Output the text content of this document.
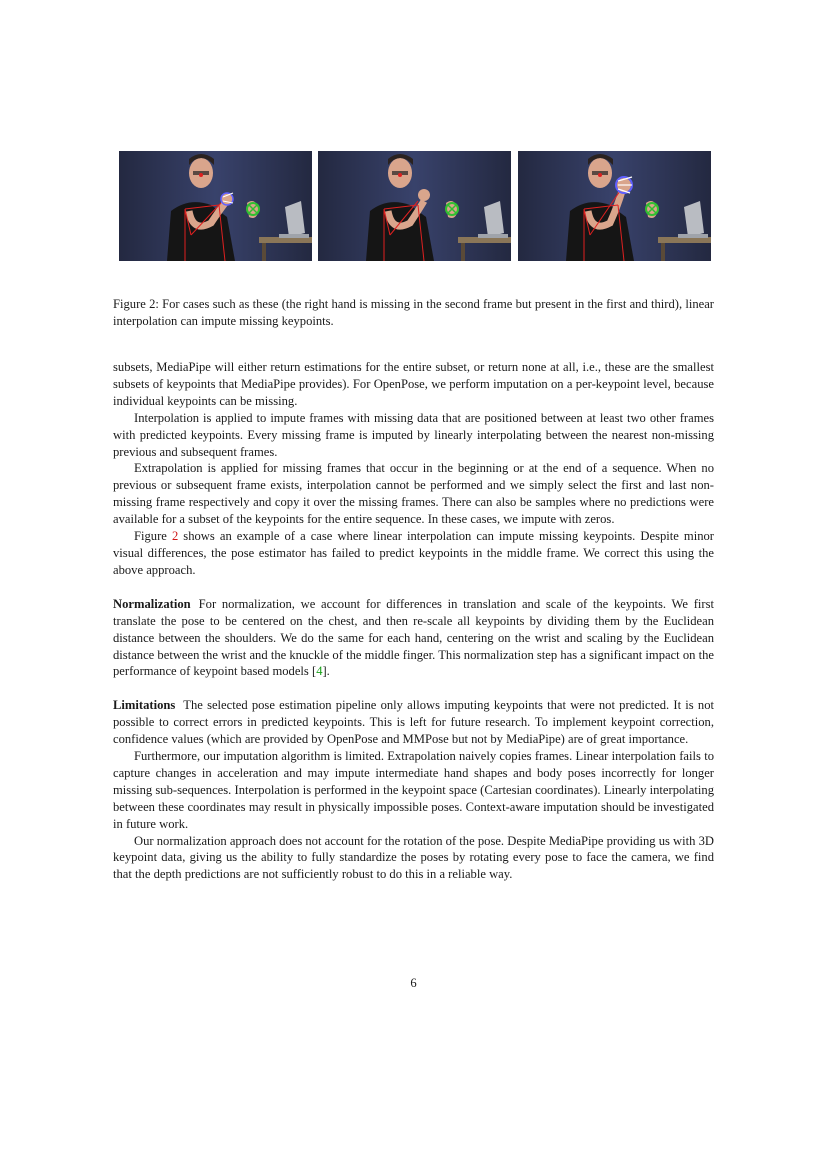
Figure 2: For cases such as these (the right hand is missing in the second frame but present in the first and third), linear interpolation can impute missing keypoints.

subsets, MediaPipe will either return estimations for the entire subset, or return none at all, i.e., these are the smallest subsets of keypoints that MediaPipe provides). For OpenPose, we perform imputation on a per-keypoint level, because individual keypoints can be missing.

Interpolation is applied to impute frames with missing data that are positioned between at least two other frames with predicted keypoints. Every missing frame is imputed by linearly interpolating between the nearest non-missing previous and subsequent frames.

Extrapolation is applied for missing frames that occur in the beginning or at the end of a sequence. When no previous or subsequent frame exists, interpolation cannot be performed and we simply select the first and last non-missing frame respectively and copy it over the missing frames. There can also be samples where no predictions were available for a subset of the keypoints for the entire sequence. In these cases, we impute with zeros.

Figure 2 shows an example of a case where linear interpolation can impute missing keypoints. Despite minor visual differences, the pose estimator has failed to predict keypoints in the middle frame. We correct this using the above approach.

Normalization For normalization, we account for differences in translation and scale of the keypoints. We first translate the pose to be centered on the chest, and then re-scale all keypoints by dividing them by the Euclidean distance between the shoulders. We do the same for each hand, centering on the wrist and scaling by the Euclidean distance between the wrist and the knuckle of the middle finger. This normalization step has a significant impact on the performance of keypoint based models [4].

Limitations The selected pose estimation pipeline only allows imputing keypoints that were not predicted. It is not possible to correct errors in predicted keypoints. This is left for future research. To implement keypoint correction, confidence values (which are provided by OpenPose and MMPose but not by MediaPipe) are of great importance.

Furthermore, our imputation algorithm is limited. Extrapolation naively copies frames. Linear interpolation fails to capture changes in acceleration and may impute intermediate hand shapes and body poses incorrectly for longer missing sub-sequences. Interpolation is performed in the keypoint space (Cartesian coordinates). Linearly interpolating between these coordinates may result in physically impossible poses. Context-aware imputation should be investigated in future work.

Our normalization approach does not account for the rotation of the pose. Despite MediaPipe providing us with 3D keypoint data, giving us the ability to fully standardize the poses by rotating every pose to face the camera, we find that the depth predictions are not sufficiently robust to do this in a reliable way.

6
